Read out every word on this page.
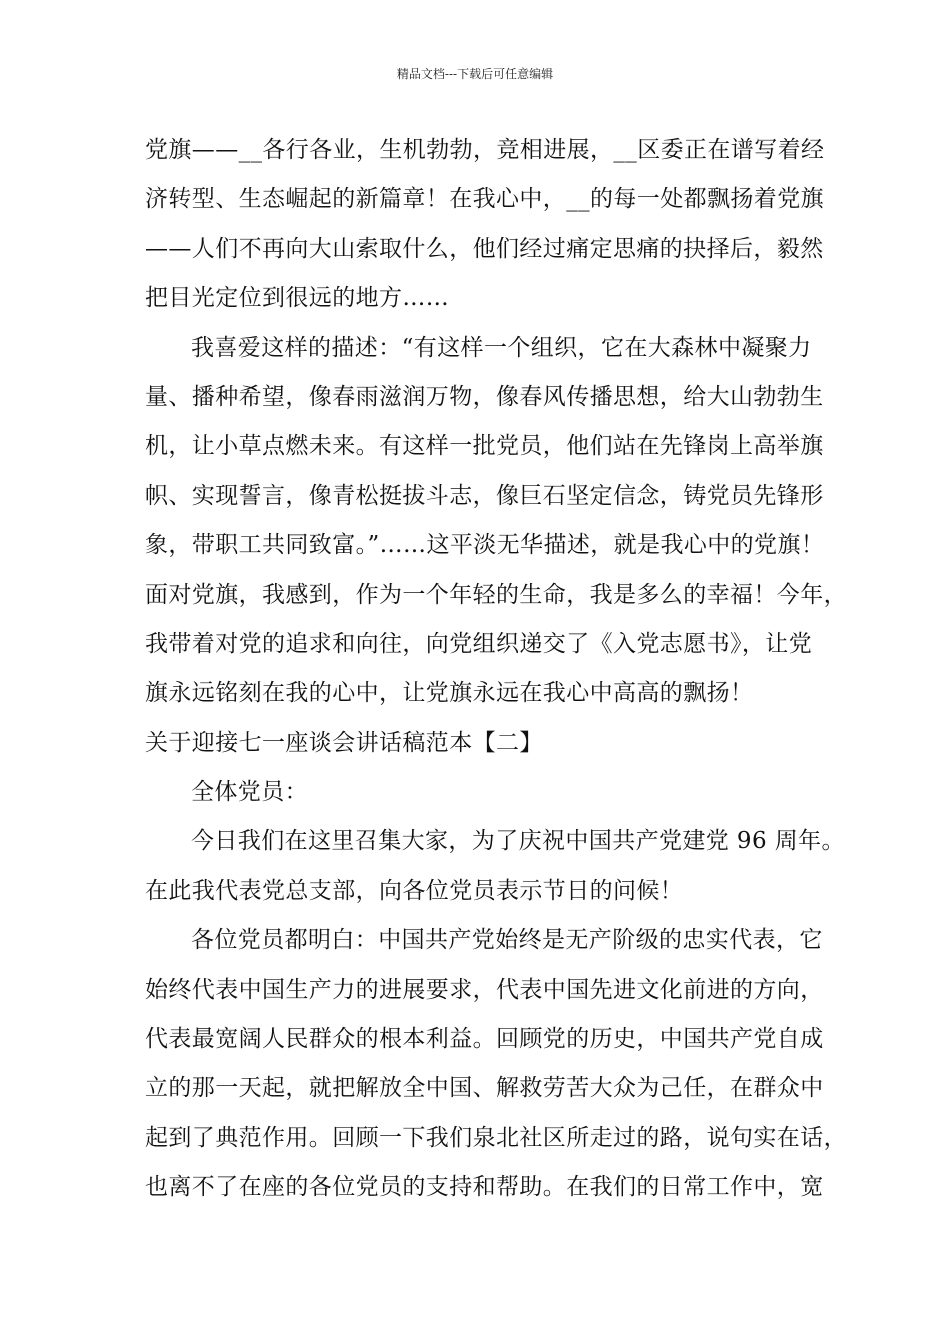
精品文档---下载后可任意编辑
党旗——__各行各业，生机勃勃，竞相进展，__区委正在谱写着经
济转型、生态崛起的新篇章！在我心中，__的每一处都飘扬着党旗
——人们不再向大山索取什么，他们经过痛定思痛的抉择后，毅然
把目光定位到很远的地方……
我喜爱这样的描述：“有这样一个组织，它在大森林中凝聚力
量、播种希望，像春雨滋润万物，像春风传播思想，给大山勃勃生
机，让小草点燃未来。有这样一批党员，他们站在先锋岗上高举旗
帜、实现誓言，像青松挺拔斗志，像巨石坚定信念，铸党员先锋形
象，带职工共同致富。”……这平淡无华描述，就是我心中的党旗！
面对党旗，我感到，作为一个年轻的生命，我是多么的幸福！今年，
我带着对党的追求和向往，向党组织递交了《入党志愿书》，让党
旗永远铭刻在我的心中，让党旗永远在我心中高高的飘扬！
关于迎接七一座谈会讲话稿范本【二】
全体党员：
今日我们在这里召集大家，为了庆祝中国共产党建党 96 周年。
在此我代表党总支部，向各位党员表示节日的问候！
各位党员都明白：中国共产党始终是无产阶级的忠实代表，它
始终代表中国生产力的进展要求，代表中国先进文化前进的方向，
代表最宽阔人民群众的根本利益。回顾党的历史，中国共产党自成
立的那一天起，就把解放全中国、解救劳苦大众为己任，在群众中
起到了典范作用。回顾一下我们泉北社区所走过的路，说句实在话，
也离不了在座的各位党员的支持和帮助。在我们的日常工作中，宽
